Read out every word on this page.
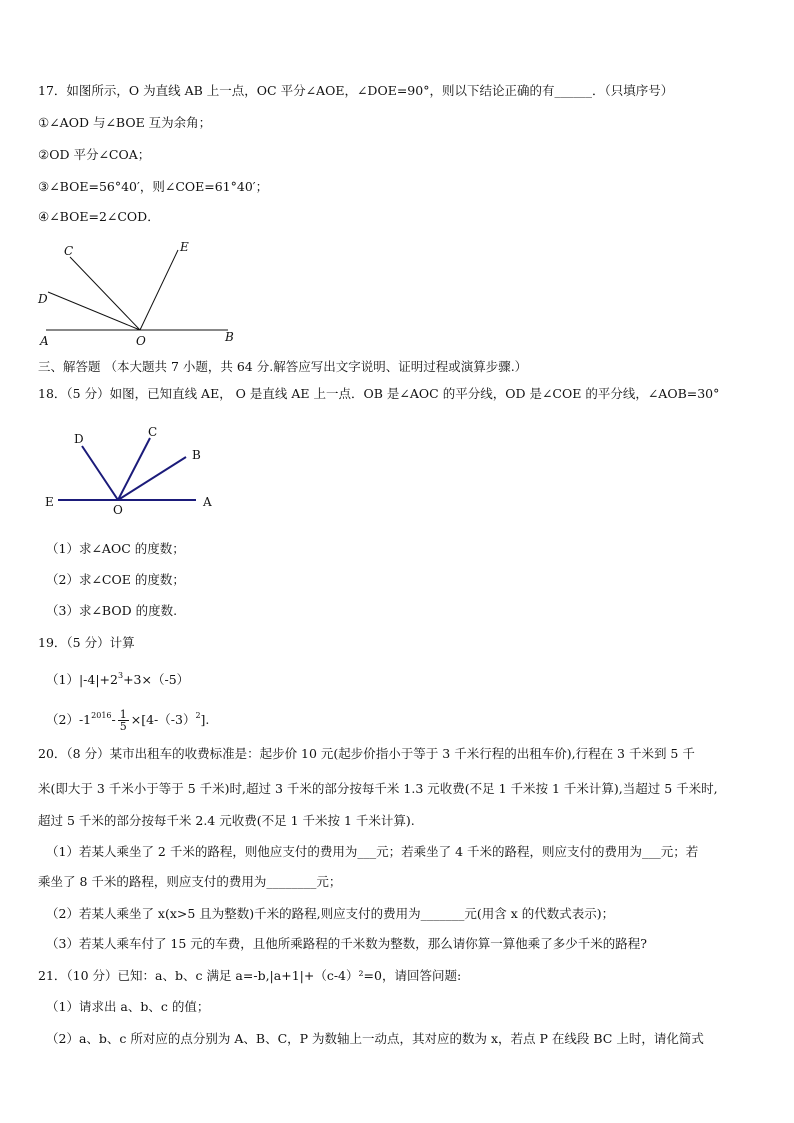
17．如图所示，O 为直线 AB 上一点，OC 平分∠AOE，∠DOE=90°，则以下结论正确的有______．（只填序号）
①∠AOD 与∠BOE 互为余角；
②OD 平分∠COA；
③∠BOE=56°40′，则∠COE=61°40′；
④∠BOE=2∠COD．
C	E
D
A	O	B
三、解答题 （本大题共 7 小题，共 64 分.解答应写出文字说明、证明过程或演算步骤.）
18．（5 分）如图，已知直线 AE， O 是直线 AE 上一点．OB 是∠AOC 的平分线，OD 是∠COE 的平分线，∠AOB=30°
D	C
B
E
O
A
（1）求∠AOC 的度数；
（2）求∠COE 的度数；
（3）求∠BOD 的度数.
19．（5 分）计算
$(1)|-4|+2^3+3\times(-5)$
$(2)-1^{2016}- \frac{1}{5} \times[4-(-3)^2]$.
20．（8 分）某市出租车的收费标准是：起步价 10 元(起步价指小于等于 3 千米行程的出租车价),行程在 3 千米到 5 千
米(即大于 3 千米小于等于 5 千米)时,超过 3 千米的部分按每千米 1.3 元收费(不足 1 千米按 1 千米计算),当超过 5 千米时,
超过 5 千米的部分按每千米 2.4 元收费(不足 1 千米按 1 千米计算).
（1）若某人乘坐了 2 千米的路程，则他应支付的费用为___元；若乘坐了 4 千米的路程，则应支付的费用为___元；若
乘坐了 8 千米的路程，则应支付的费用为________元；
（2）若某人乘坐了 x(x>5 且为整数)千米的路程,则应支付的费用为_______元(用含 x 的代数式表示)；
（3）若某人乘车付了 15 元的车费，且他所乘路程的千米数为整数，那么请你算一算他乘了多少千米的路程?
21．（10 分）已知：a、b、c 满足 a=-b,|a+1|+（c-4）²=0，请回答问题:
（1）请求出 a、b、c 的值；
（2）a、b、c 所对应的点分别为 A、B、C，P 为数轴上一动点，其对应的数为 x，若点 P 在线段 BC 上时，请化简式
